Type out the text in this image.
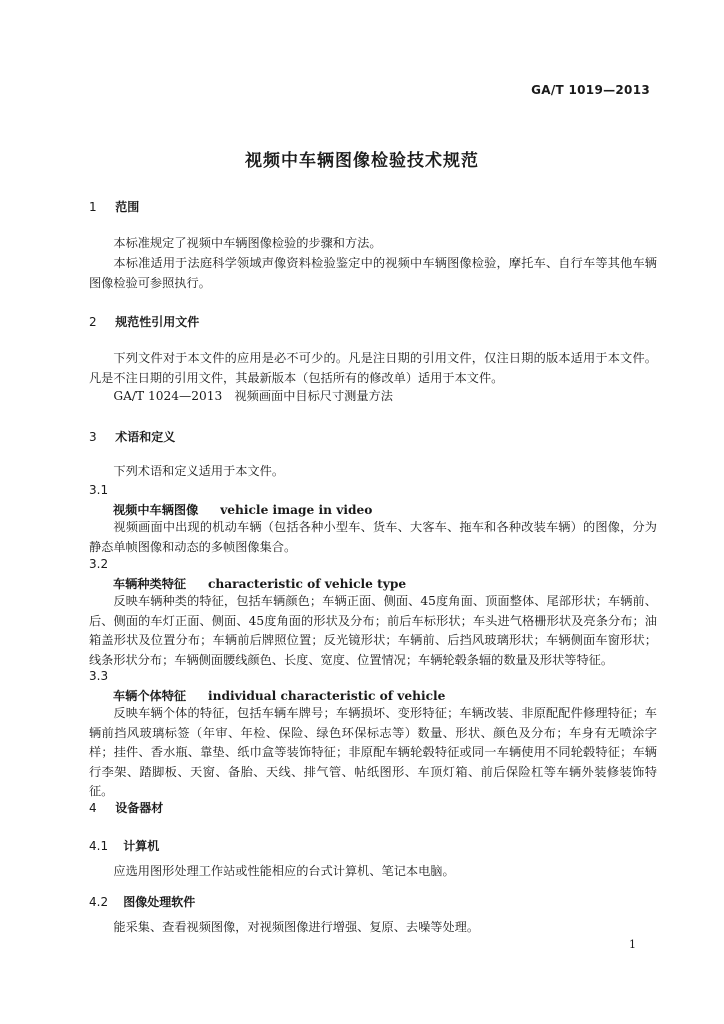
GA/T 1019—2013
视频中车辆图像检验技术规范
1 范围
本标准规定了视频中车辆图像检验的步骤和方法。
本标准适用于法庭科学领域声像资料检验鉴定中的视频中车辆图像检验，摩托车、自行车等其他车辆图像检验可参照执行。
2 规范性引用文件
下列文件对于本文件的应用是必不可少的。凡是注日期的引用文件，仅注日期的版本适用于本文件。凡是不注日期的引用文件，其最新版本（包括所有的修改单）适用于本文件。
GA/T 1024—2013　视频画面中目标尺寸测量方法
3 术语和定义
下列术语和定义适用于本文件。
3.1
视频中车辆图像 vehicle image in video
视频画面中出现的机动车辆（包括各种小型车、货车、大客车、拖车和各种改装车辆）的图像，分为静态单帧图像和动态的多帧图像集合。
3.2
车辆种类特征 characteristic of vehicle type
反映车辆种类的特征，包括车辆颜色；车辆正面、侧面、45度角面、顶面整体、尾部形状；车辆前、后、侧面的车灯正面、侧面、45度角面的形状及分布；前后车标形状；车头进气格栅形状及亮条分布；油箱盖形状及位置分布；车辆前后牌照位置；反光镜形状；车辆前、后挡风玻璃形状；车辆侧面车窗形状；线条形状分布；车辆侧面腰线颜色、长度、宽度、位置情况；车辆轮毂条辐的数量及形状等特征。
3.3
车辆个体特征 individual characteristic of vehicle
反映车辆个体的特征，包括车辆车牌号；车辆损坏、变形特征；车辆改装、非原配配件修理特征；车辆前挡风玻璃标签（年审、年检、保险、绿色环保标志等）数量、形状、颜色及分布；车身有无喷涂字样；挂件、香水瓶、靠垫、纸巾盒等装饰特征；非原配车辆轮毂特征或同一车辆使用不同轮毂特征；车辆行李架、踏脚板、天窗、备胎、天线、排气管、帖纸图形、车顶灯箱、前后保险杠等车辆外装修装饰特征。
4 设备器材
4.1 计算机
应选用图形处理工作站或性能相应的台式计算机、笔记本电脑。
4.2 图像处理软件
能采集、查看视频图像，对视频图像进行增强、复原、去噪等处理。
1
